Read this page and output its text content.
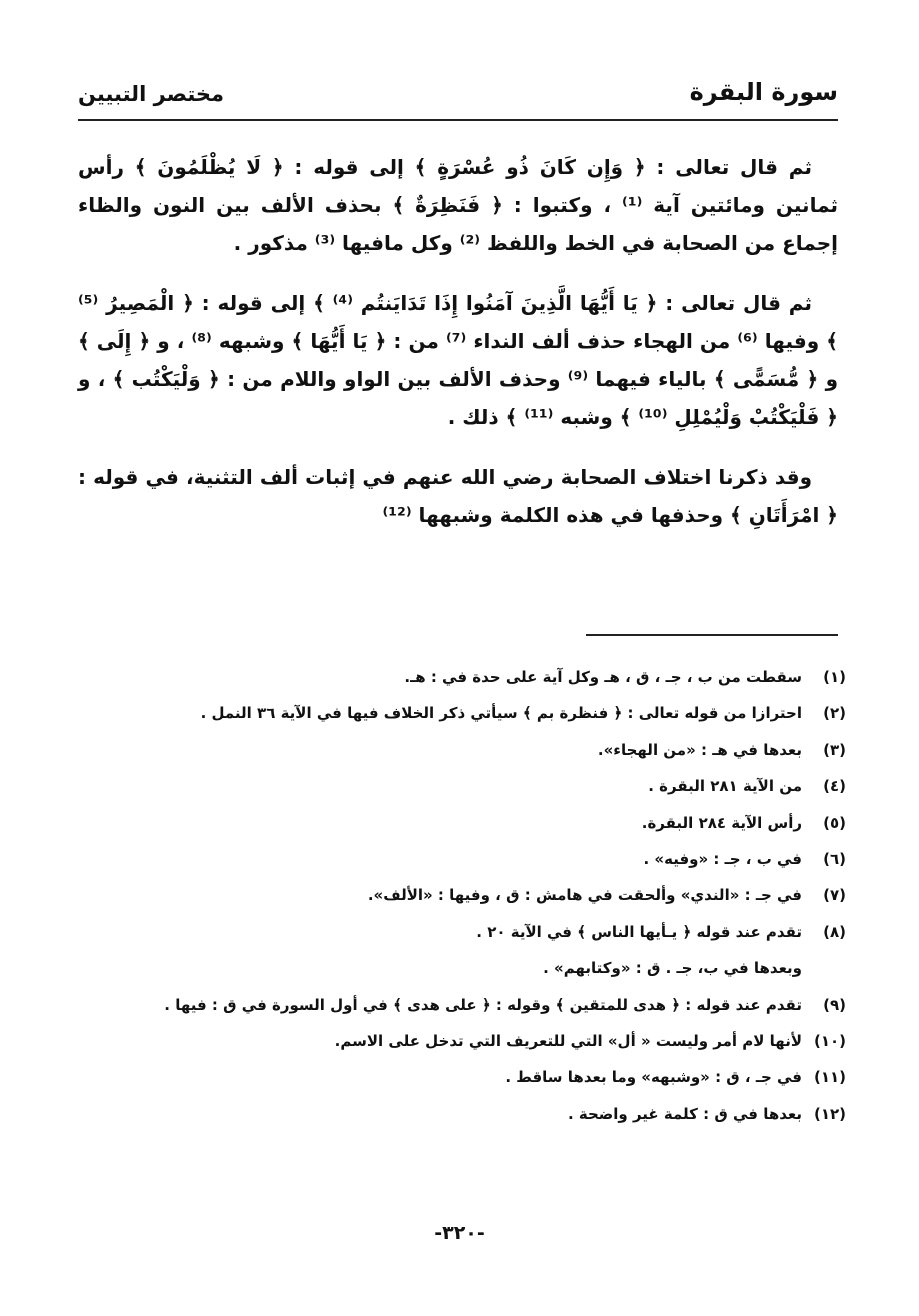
سورة البقرة
مختصر التبيين

ثم قال تعالى : ﴿ وَإِن كَانَ ذُو عُسْرَةٍ ﴾ إلى قوله : ﴿ لَا يُظْلَمُونَ ﴾ رأس ثمانين ومائتين آية ⁽¹⁾ ، وكتبوا : ﴿ فَنَظِرَةٌ ﴾ بحذف الألف بين النون والظاء إجماع من الصحابة في الخط واللفظ ⁽²⁾ وكل مافيها ⁽³⁾ مذكور .

ثم قال تعالى : ﴿ يَا أَيُّهَا الَّذِينَ آمَنُوا إِذَا تَدَايَنتُم ⁽⁴⁾ ﴾ إلى قوله : ﴿ الْمَصِيرُ ⁽⁵⁾ ﴾ وفيها ⁽⁶⁾ من الهجاء حذف ألف النداء ⁽⁷⁾ من : ﴿ يَا أَيُّهَا ﴾ وشبهه ⁽⁸⁾ ، و ﴿ إِلَى ﴾ و ﴿ مُّسَمًّى ﴾ بالياء فيهما ⁽⁹⁾ وحذف الألف بين الواو واللام من : ﴿ وَلْيَكْتُب ﴾ ، و ﴿ فَلْيَكْتُبْ وَلْيُمْلِلِ ⁽¹⁰⁾ ﴾ وشبه ⁽¹¹⁾ ﴾ ذلك .

وقد ذكرنا اختلاف الصحابة رضي الله عنهم في إثبات ألف التثنية، في قوله : ﴿ امْرَأَتَانِ ﴾ وحذفها في هذه الكلمة وشبهها ⁽¹²⁾

(١)
سقطت من ب ، جـ ، ق ، هـ وكل آية على حدة في : هـ.
(٢)
احترازا من قوله تعالى : ﴿ فنظرة بم ﴾ سيأتي ذكر الخلاف فيها في الآية ٣٦ النمل .
(٣)
بعدها في هـ : «من الهجاء».
(٤)
من الآية ٢٨١ البقرة .
(٥)
رأس الآية ٢٨٤ البقرة.
(٦)
في ب ، جـ : «وفيه» .
(٧)
في جـ : «الندي» وألحقت في هامش : ق ، وفيها : «الألف».
(٨)
تقدم عند قوله ﴿ يـأيها الناس ﴾ في الآية ٢٠ .
وبعدها في ب، جـ . ق : «وكتابهم» .
(٩)
تقدم عند قوله : ﴿ هدى للمتقين ﴾ وقوله : ﴿ على هدى ﴾ في أول السورة في ق : فيها .
(١٠)
لأنها لام أمر وليست « أل» التي للتعريف التي تدخل على الاسم.
(١١)
في جـ ، ق : «وشبهه» وما بعدها ساقط .
(١٢)
بعدها في ق : كلمة غير واضحة .
-٣٢٠-
